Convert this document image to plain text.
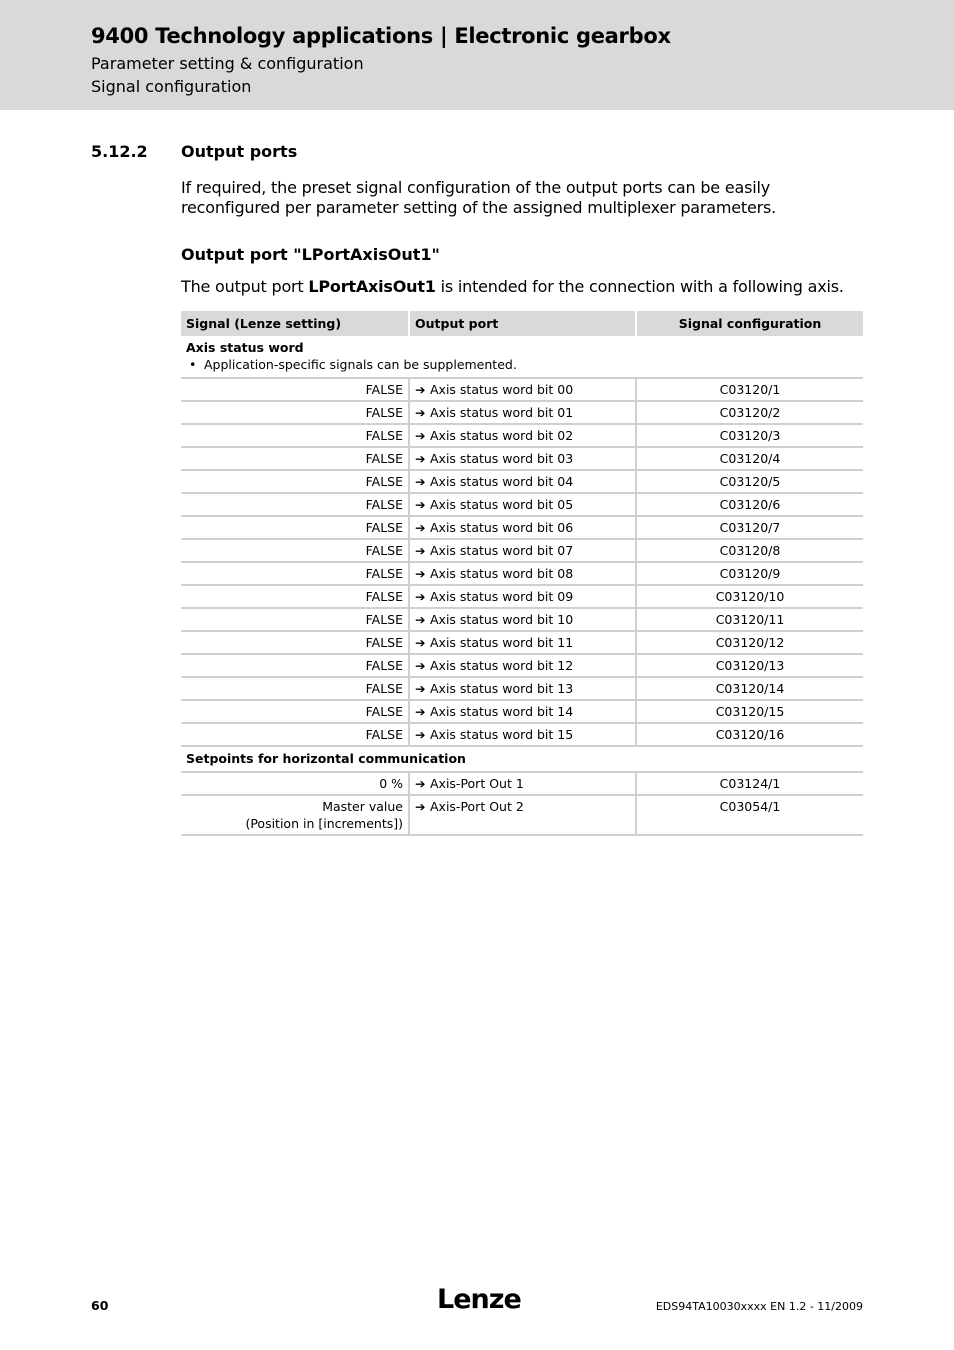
9400 Technology applications | Electronic gearbox
Parameter setting & configuration
Signal configuration
5.12.2 Output ports
If required, the preset signal configuration of the output ports can be easily reconfigured per parameter setting of the assigned multiplexer parameters.
Output port "LPortAxisOut1"
The output port LPortAxisOut1 is intended for the connection with a following axis.
Signal (Lenze setting)	Output port	Signal configuration
Axis status word
• Application-specific signals can be supplemented.
FALSE ➔ Axis status word bit 00	C03120/1
FALSE ➔ Axis status word bit 01	C03120/2
FALSE ➔ Axis status word bit 02	C03120/3
FALSE ➔ Axis status word bit 03	C03120/4
FALSE ➔ Axis status word bit 04	C03120/5
FALSE ➔ Axis status word bit 05	C03120/6
FALSE ➔ Axis status word bit 06	C03120/7
FALSE ➔ Axis status word bit 07	C03120/8
FALSE ➔ Axis status word bit 08	C03120/9
FALSE ➔ Axis status word bit 09	C03120/10
FALSE ➔ Axis status word bit 10	C03120/11
FALSE ➔ Axis status word bit 11	C03120/12
FALSE ➔ Axis status word bit 12	C03120/13
FALSE ➔ Axis status word bit 13	C03120/14
FALSE ➔ Axis status word bit 14	C03120/15
FALSE ➔ Axis status word bit 15	C03120/16
Setpoints for horizontal communication
0 % ➔ Axis-Port Out 1	C03124/1
Master value
(Position in [increments])
➔ Axis-Port Out 2	C03054/1
60	Lenze	EDS94TA10030xxxx EN 1.2 - 11/2009
